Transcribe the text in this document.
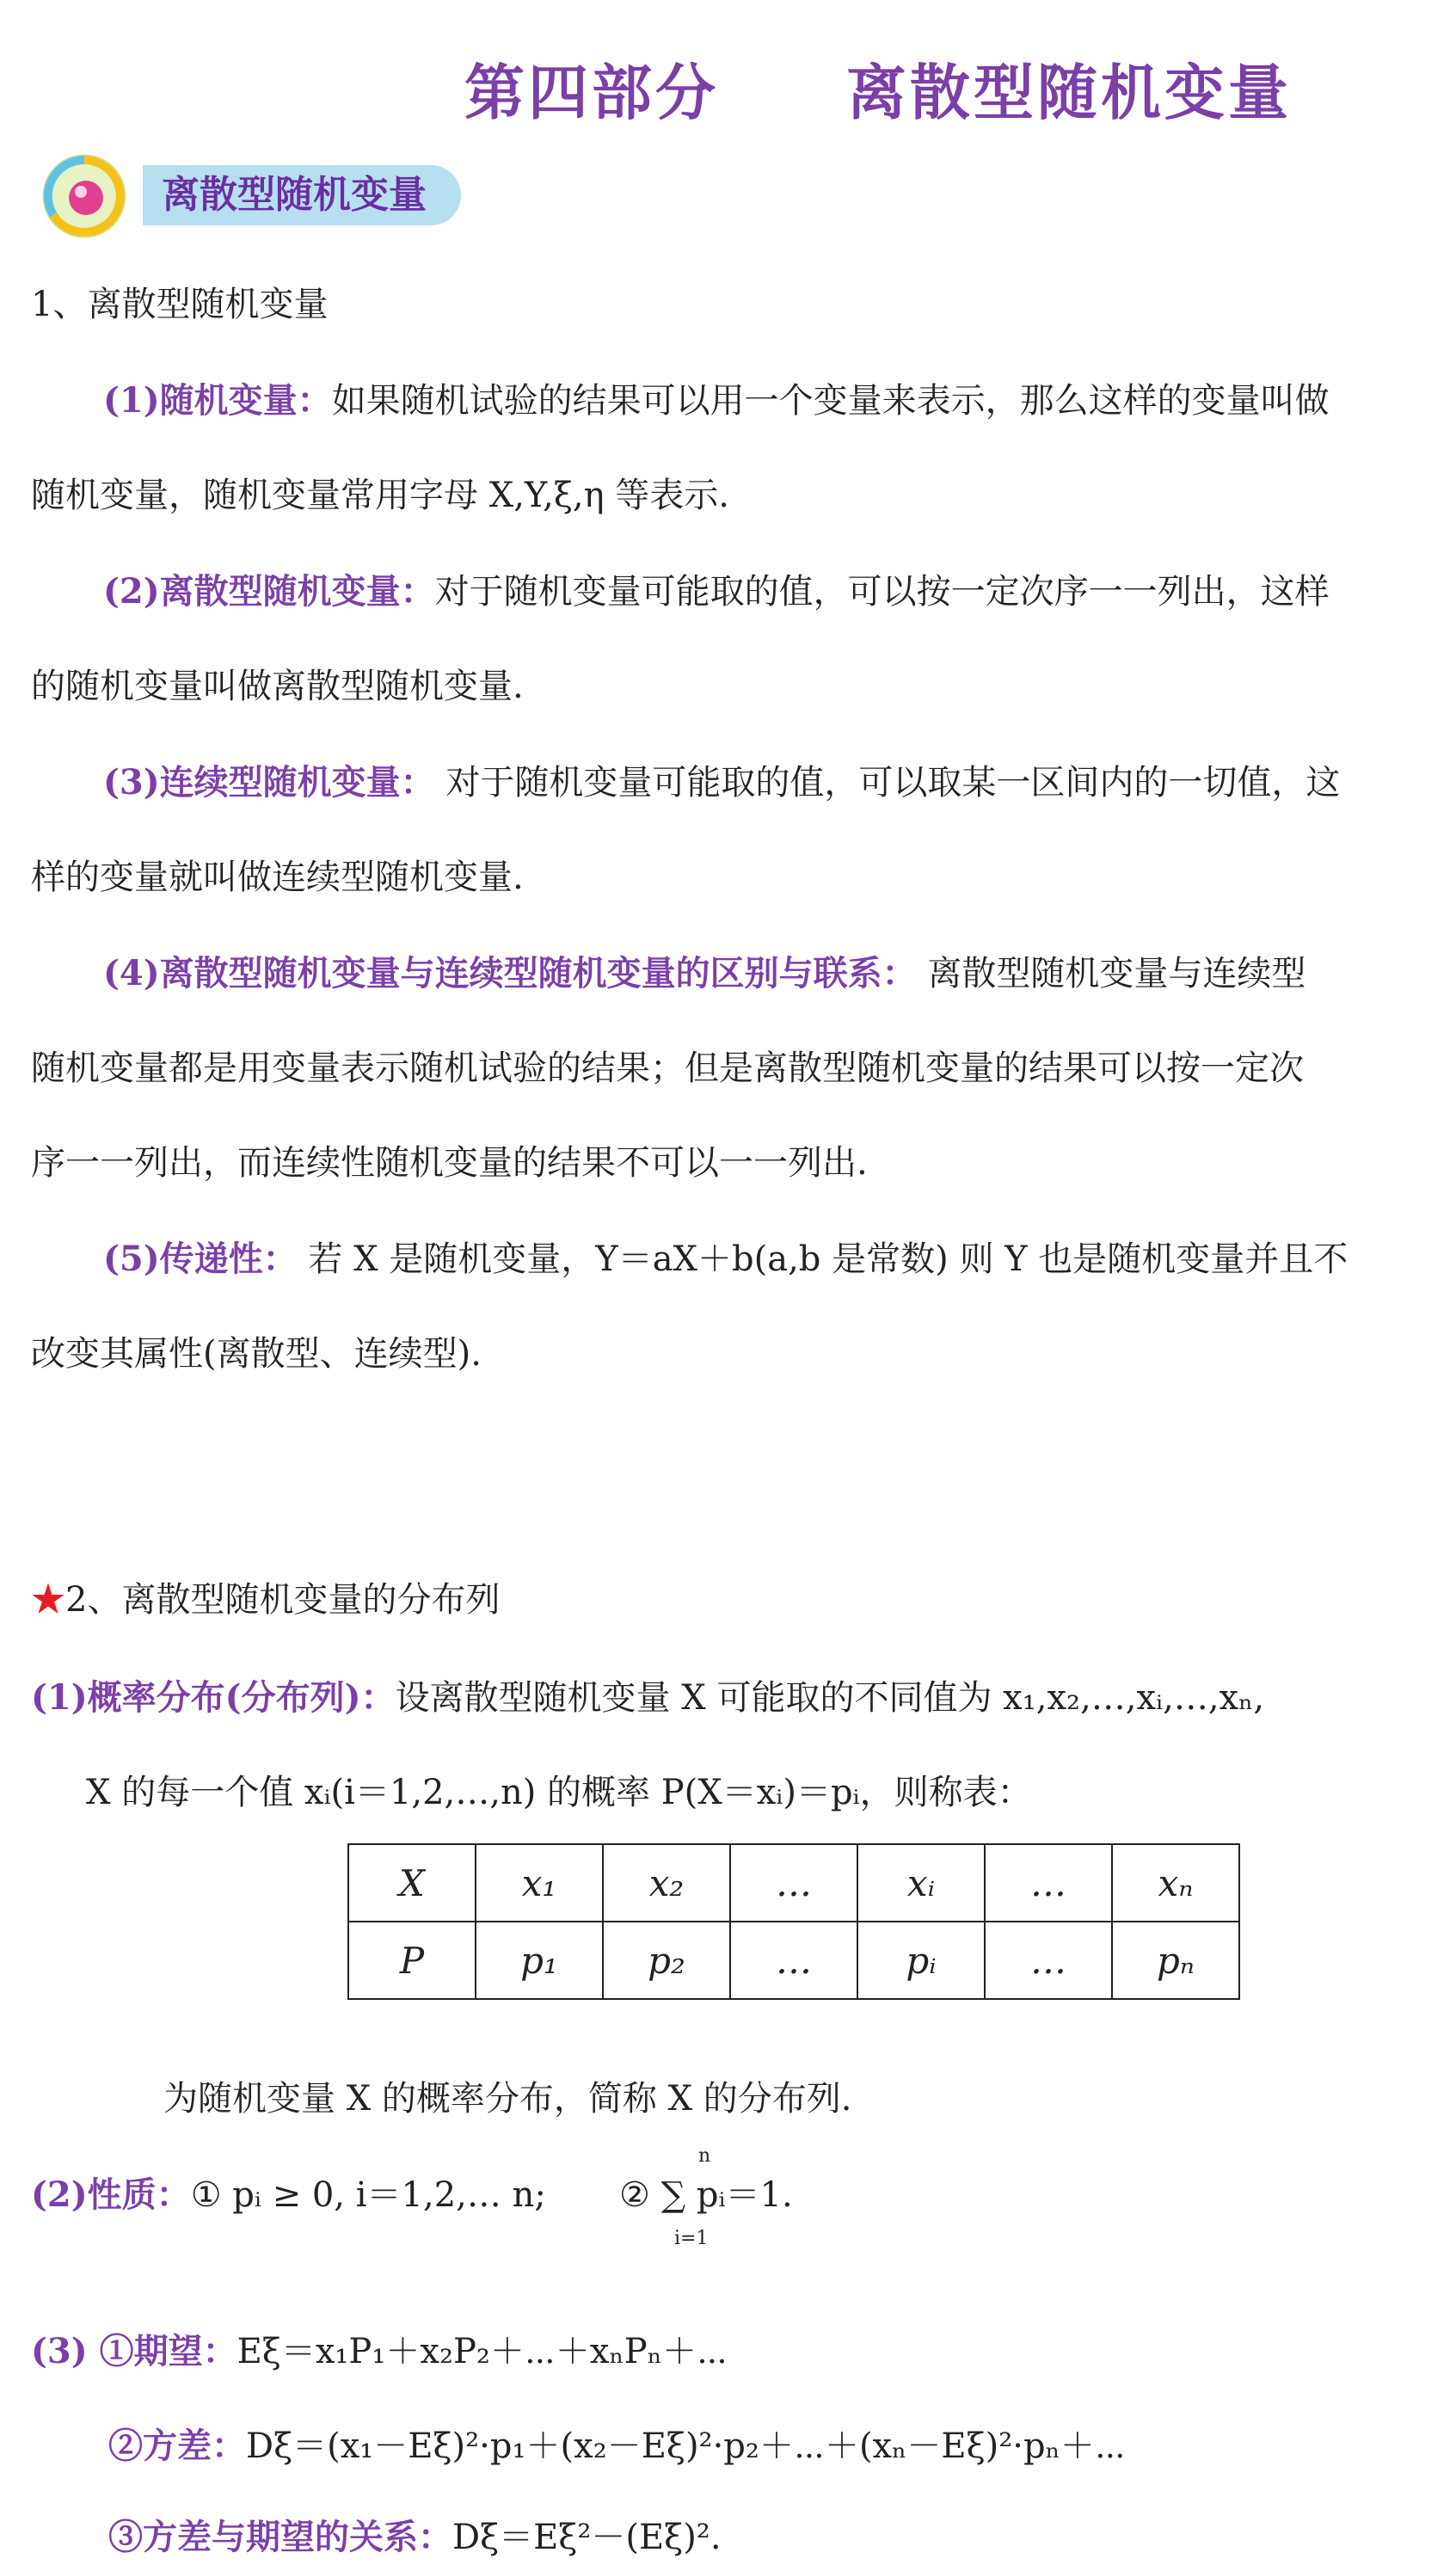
第四部分　　离散型随机变量
离散型随机变量
1、离散型随机变量
(1)随机变量：如果随机试验的结果可以用一个变量来表示，那么这样的变量叫做
随机变量，随机变量常用字母 X,Y,ξ,η 等表示.
(2)离散型随机变量：对于随机变量可能取的值，可以按一定次序一一列出，这样
的随机变量叫做离散型随机变量.
(3)连续型随机变量： 对于随机变量可能取的值，可以取某一区间内的一切值，这
样的变量就叫做连续型随机变量.
(4)离散型随机变量与连续型随机变量的区别与联系： 离散型随机变量与连续型
随机变量都是用变量表示随机试验的结果；但是离散型随机变量的结果可以按一定次
序一一列出，而连续性随机变量的结果不可以一一列出.
(5)传递性： 若 X 是随机变量，Y＝aX＋b(a,b 是常数) 则 Y 也是随机变量并且不
改变其属性(离散型、连续型).
★2、离散型随机变量的分布列
(1)概率分布(分布列)：设离散型随机变量 X 可能取的不同值为 x₁,x₂,…,xᵢ,…,xₙ,
X 的每一个值 xᵢ(i＝1,2,…,n) 的概率 P(X＝xᵢ)＝pᵢ，则称表：
X	x₁	x₂	…	xᵢ	…	xₙ
P	p₁	p₂	…	pᵢ	…	pₙ
为随机变量 X 的概率分布，简称 X 的分布列.
(2)性质：① pᵢ ≥ 0, i＝1,2,… n;
n
② ∑ pᵢ＝1.
i=1
(3) ①期望：Eξ＝x₁P₁＋x₂P₂＋⋯＋xₙPₙ＋⋯
②方差：Dξ＝(x₁－Eξ)²·p₁＋(x₂－Eξ)²·p₂＋⋯＋(xₙ－Eξ)²·pₙ＋⋯
③方差与期望的关系：Dξ＝Eξ²－(Eξ)².
